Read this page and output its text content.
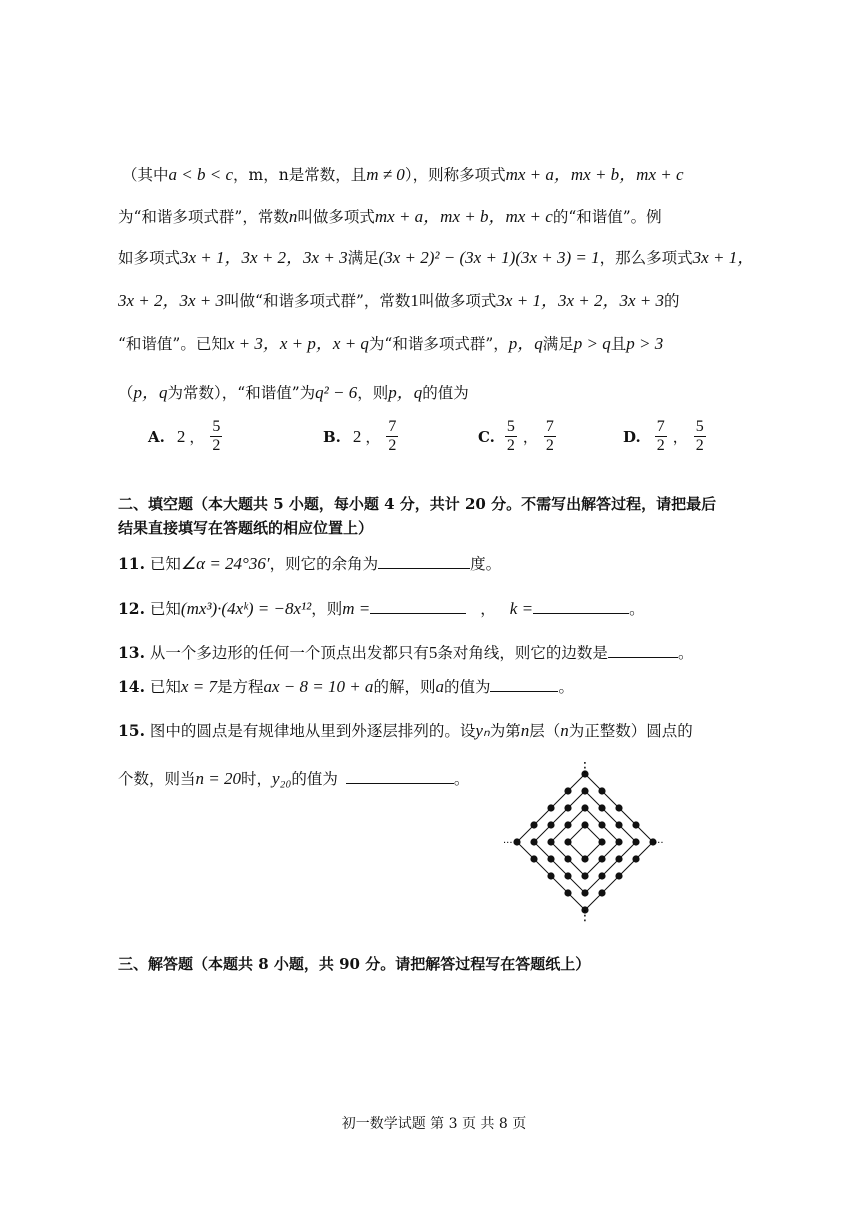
（其中a < b < c，m，n是常数，且m ≠ 0），则称多项式mx + a，mx + b，mx + c
为“和谐多项式群”，常数n叫做多项式mx + a，mx + b，mx + c的“和谐值”。例
如多项式3x + 1，3x + 2，3x + 3满足(3x + 2)² − (3x + 1)(3x + 3) = 1，那么多项式3x + 1，
3x + 2，3x + 3叫做“和谐多项式群”，常数1叫做多项式3x + 1，3x + 2，3x + 3的
“和谐值”。已知x + 3，x + p，x + q为“和谐多项式群”，p，q满足p > q且p > 3
（p，q为常数），“和谐值”为q² − 6，则p，q的值为
A. 2 ， $\frac{5}{2}$	B. 2 ， $\frac{7}{2}$	C. $\frac{5}{2}$ ， $\frac{7}{2}$	D. $\frac{7}{2}$ ， $\frac{5}{2}$
二、填空题（本大题共 5 小题，每小题 4 分，共计 20 分。不需写出解答过程，请把最后
结果直接填写在答题纸的相应位置上）
11. 已知∠α = 24°36′，则它的余角为	度。
12. 已知(mx³)·(4xᵏ) = −8x¹²，则m =	， k =	。
13. 从一个多边形的任何一个顶点出发都只有5条对角线，则它的边数是	。
14. 已知x = 7是方程ax − 8 = 10 + a的解，则a的值为	。
15. 图中的圆点是有规律地从里到外逐层排列的。设yₙ为第n层（n为正整数）圆点的
个数，则当n = 20时，y₂₀的值为	。
⋮
⋮
···	···
三、解答题（本题共 8 小题，共 90 分。请把解答过程写在答题纸上）
初一数学试题 第 3 页 共 8 页
